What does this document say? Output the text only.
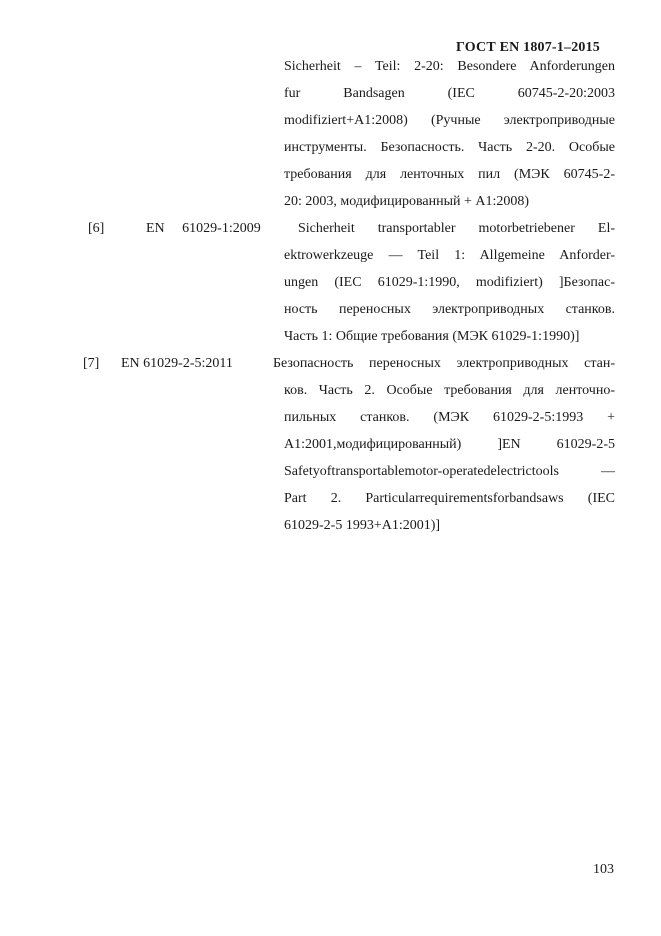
ГОСТ EN 1807-1–2015
Sicherheit – Teil: 2-20: Besondere Anforderungen
fur Bandsagen (IEC 60745-2-20:2003
modifiziert+A1:2008) (Ручные электроприводные
инструменты. Безопасность. Часть 2-20. Особые
требования для ленточных пил (МЭК 60745-2-
20: 2003, модифицированный + A1:2008)
[6]	EN 61029-1:2009	Sicherheit transportabler motorbetriebener El-
ektrowerkzeuge — Teil 1: Allgemeine Anforder-
ungen (IEC 61029-1:1990, modifiziert) ]Безопас-
ность переносных электроприводных станков.
Часть 1: Общие требования (МЭК 61029-1:1990)]
[7] EN 61029-2-5:2011	Безопасность переносных электроприводных стан-
ков. Часть 2. Особые требования для ленточно-
пильных станков. (МЭК 61029-2-5:1993 +
A1:2001,модифицированный) ]EN 61029-2-5
Safetyoftransportablemotor-operatedelectrictools —
Part 2. Particularrequirementsforbandsaws (IEC
61029-2-5 1993+A1:2001)]
103
